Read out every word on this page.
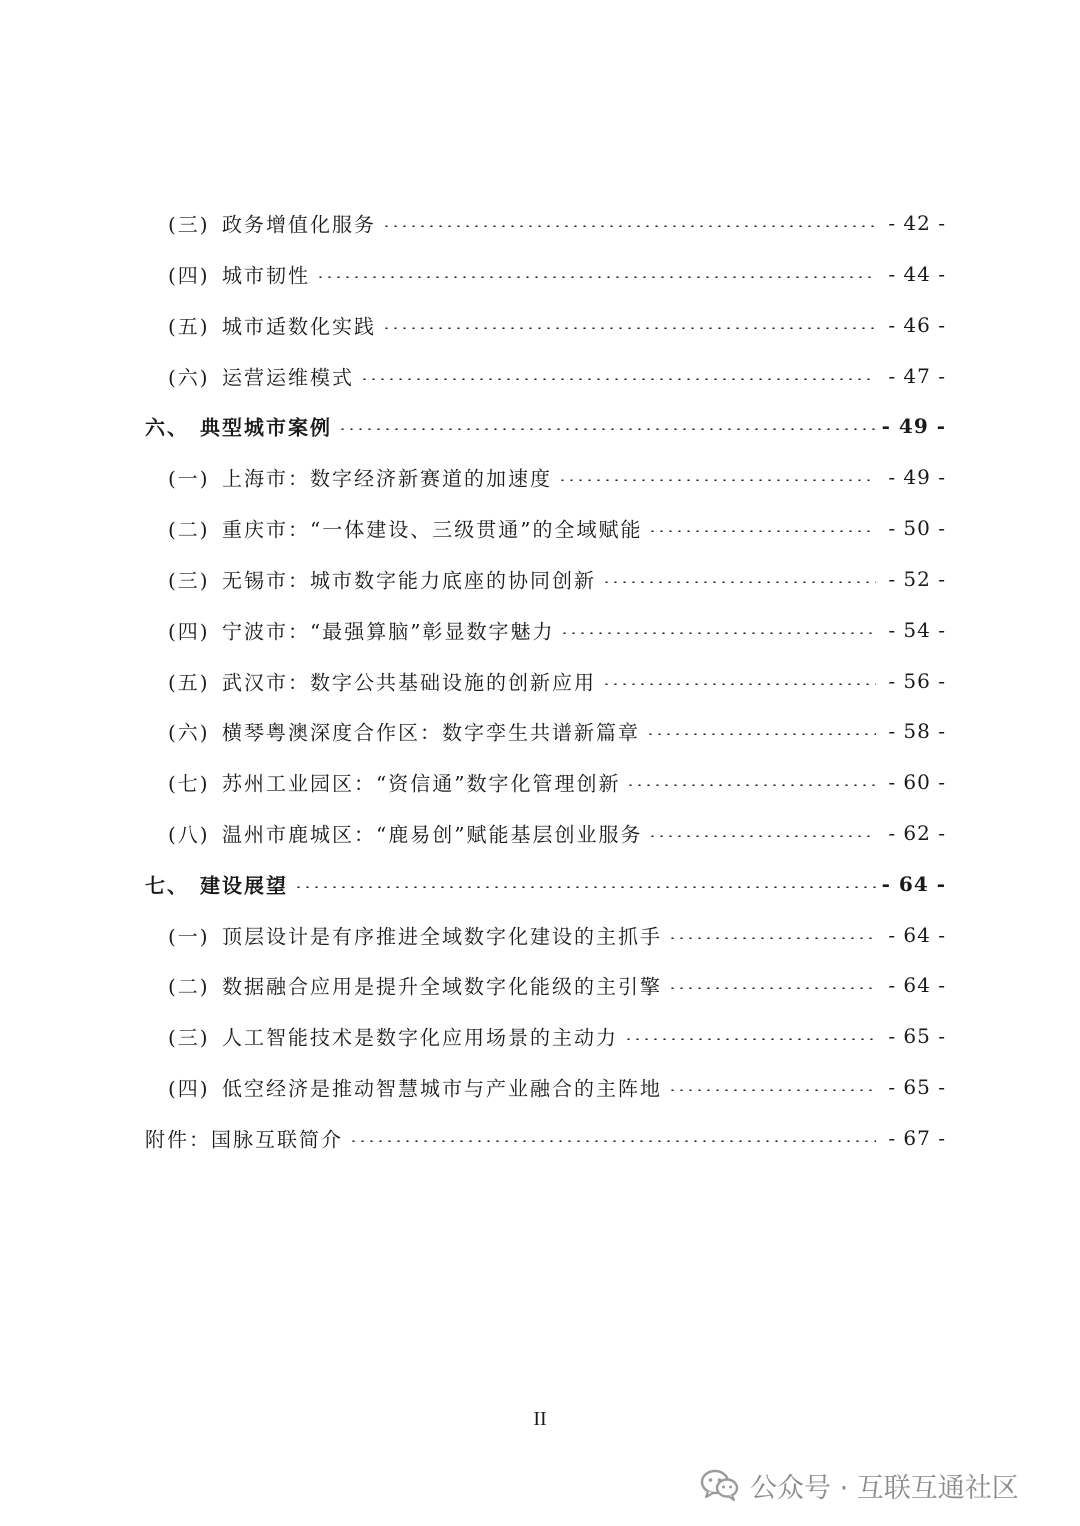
(三) 政务增值化服务	- 42 -
(四) 城市韧性	- 44 -
(五) 城市适数化实践	- 46 -
(六) 运营运维模式	- 47 -
六、 典型城市案例	- 49 -
(一) 上海市：数字经济新赛道的加速度	- 49 -
(二) 重庆市：“一体建设、三级贯通”的全域赋能	- 50 -
(三) 无锡市：城市数字能力底座的协同创新	- 52 -
(四) 宁波市：“最强算脑”彰显数字魅力	- 54 -
(五) 武汉市：数字公共基础设施的创新应用	- 56 -
(六) 横琴粤澳深度合作区：数字孪生共谱新篇章	- 58 -
(七) 苏州工业园区：“资信通”数字化管理创新	- 60 -
(八) 温州市鹿城区：“鹿易创”赋能基层创业服务	- 62 -
七、 建设展望	- 64 -
(一) 顶层设计是有序推进全域数字化建设的主抓手	- 64 -
(二) 数据融合应用是提升全域数字化能级的主引擎	- 64 -
(三) 人工智能技术是数字化应用场景的主动力	- 65 -
(四) 低空经济是推动智慧城市与产业融合的主阵地	- 65 -
附件：国脉互联简介	- 67 -
II
公众号 · 互联互通社区
